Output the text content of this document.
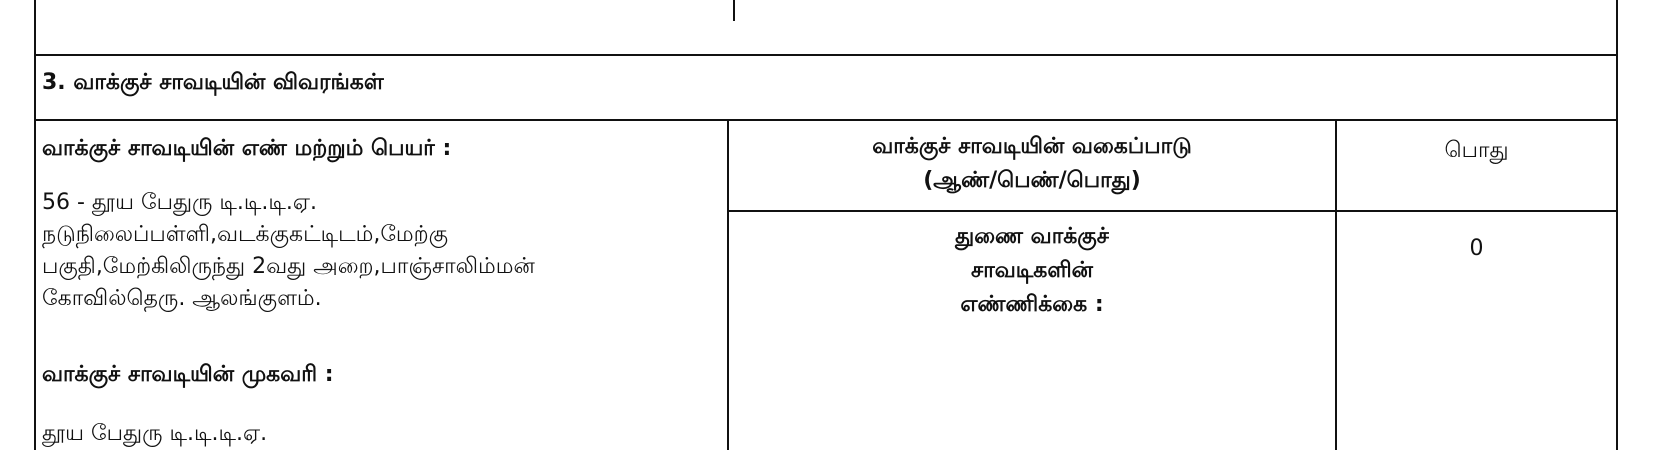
3. வாக்குச் சாவடியின் விவரங்கள்
வாக்குச் சாவடியின் எண் மற்றும் பெயர் :
56 - தூய பேதுரு டி.டி.டி.ஏ.
நடுநிலைப்பள்ளி,வடக்குகட்டிடம்,மேற்கு
பகுதி,மேற்கிலிருந்து 2வது அறை,பாஞ்சாலிம்மன்
கோவில்தெரு. ஆலங்குளம்.
வாக்குச் சாவடியின் முகவரி :
தூய பேதுரு டி.டி.டி.ஏ.
வாக்குச் சாவடியின் வகைப்பாடு
(ஆண்/பெண்/பொது)
பொது
துணை வாக்குச்
சாவடிகளின்
எண்ணிக்கை :
0
